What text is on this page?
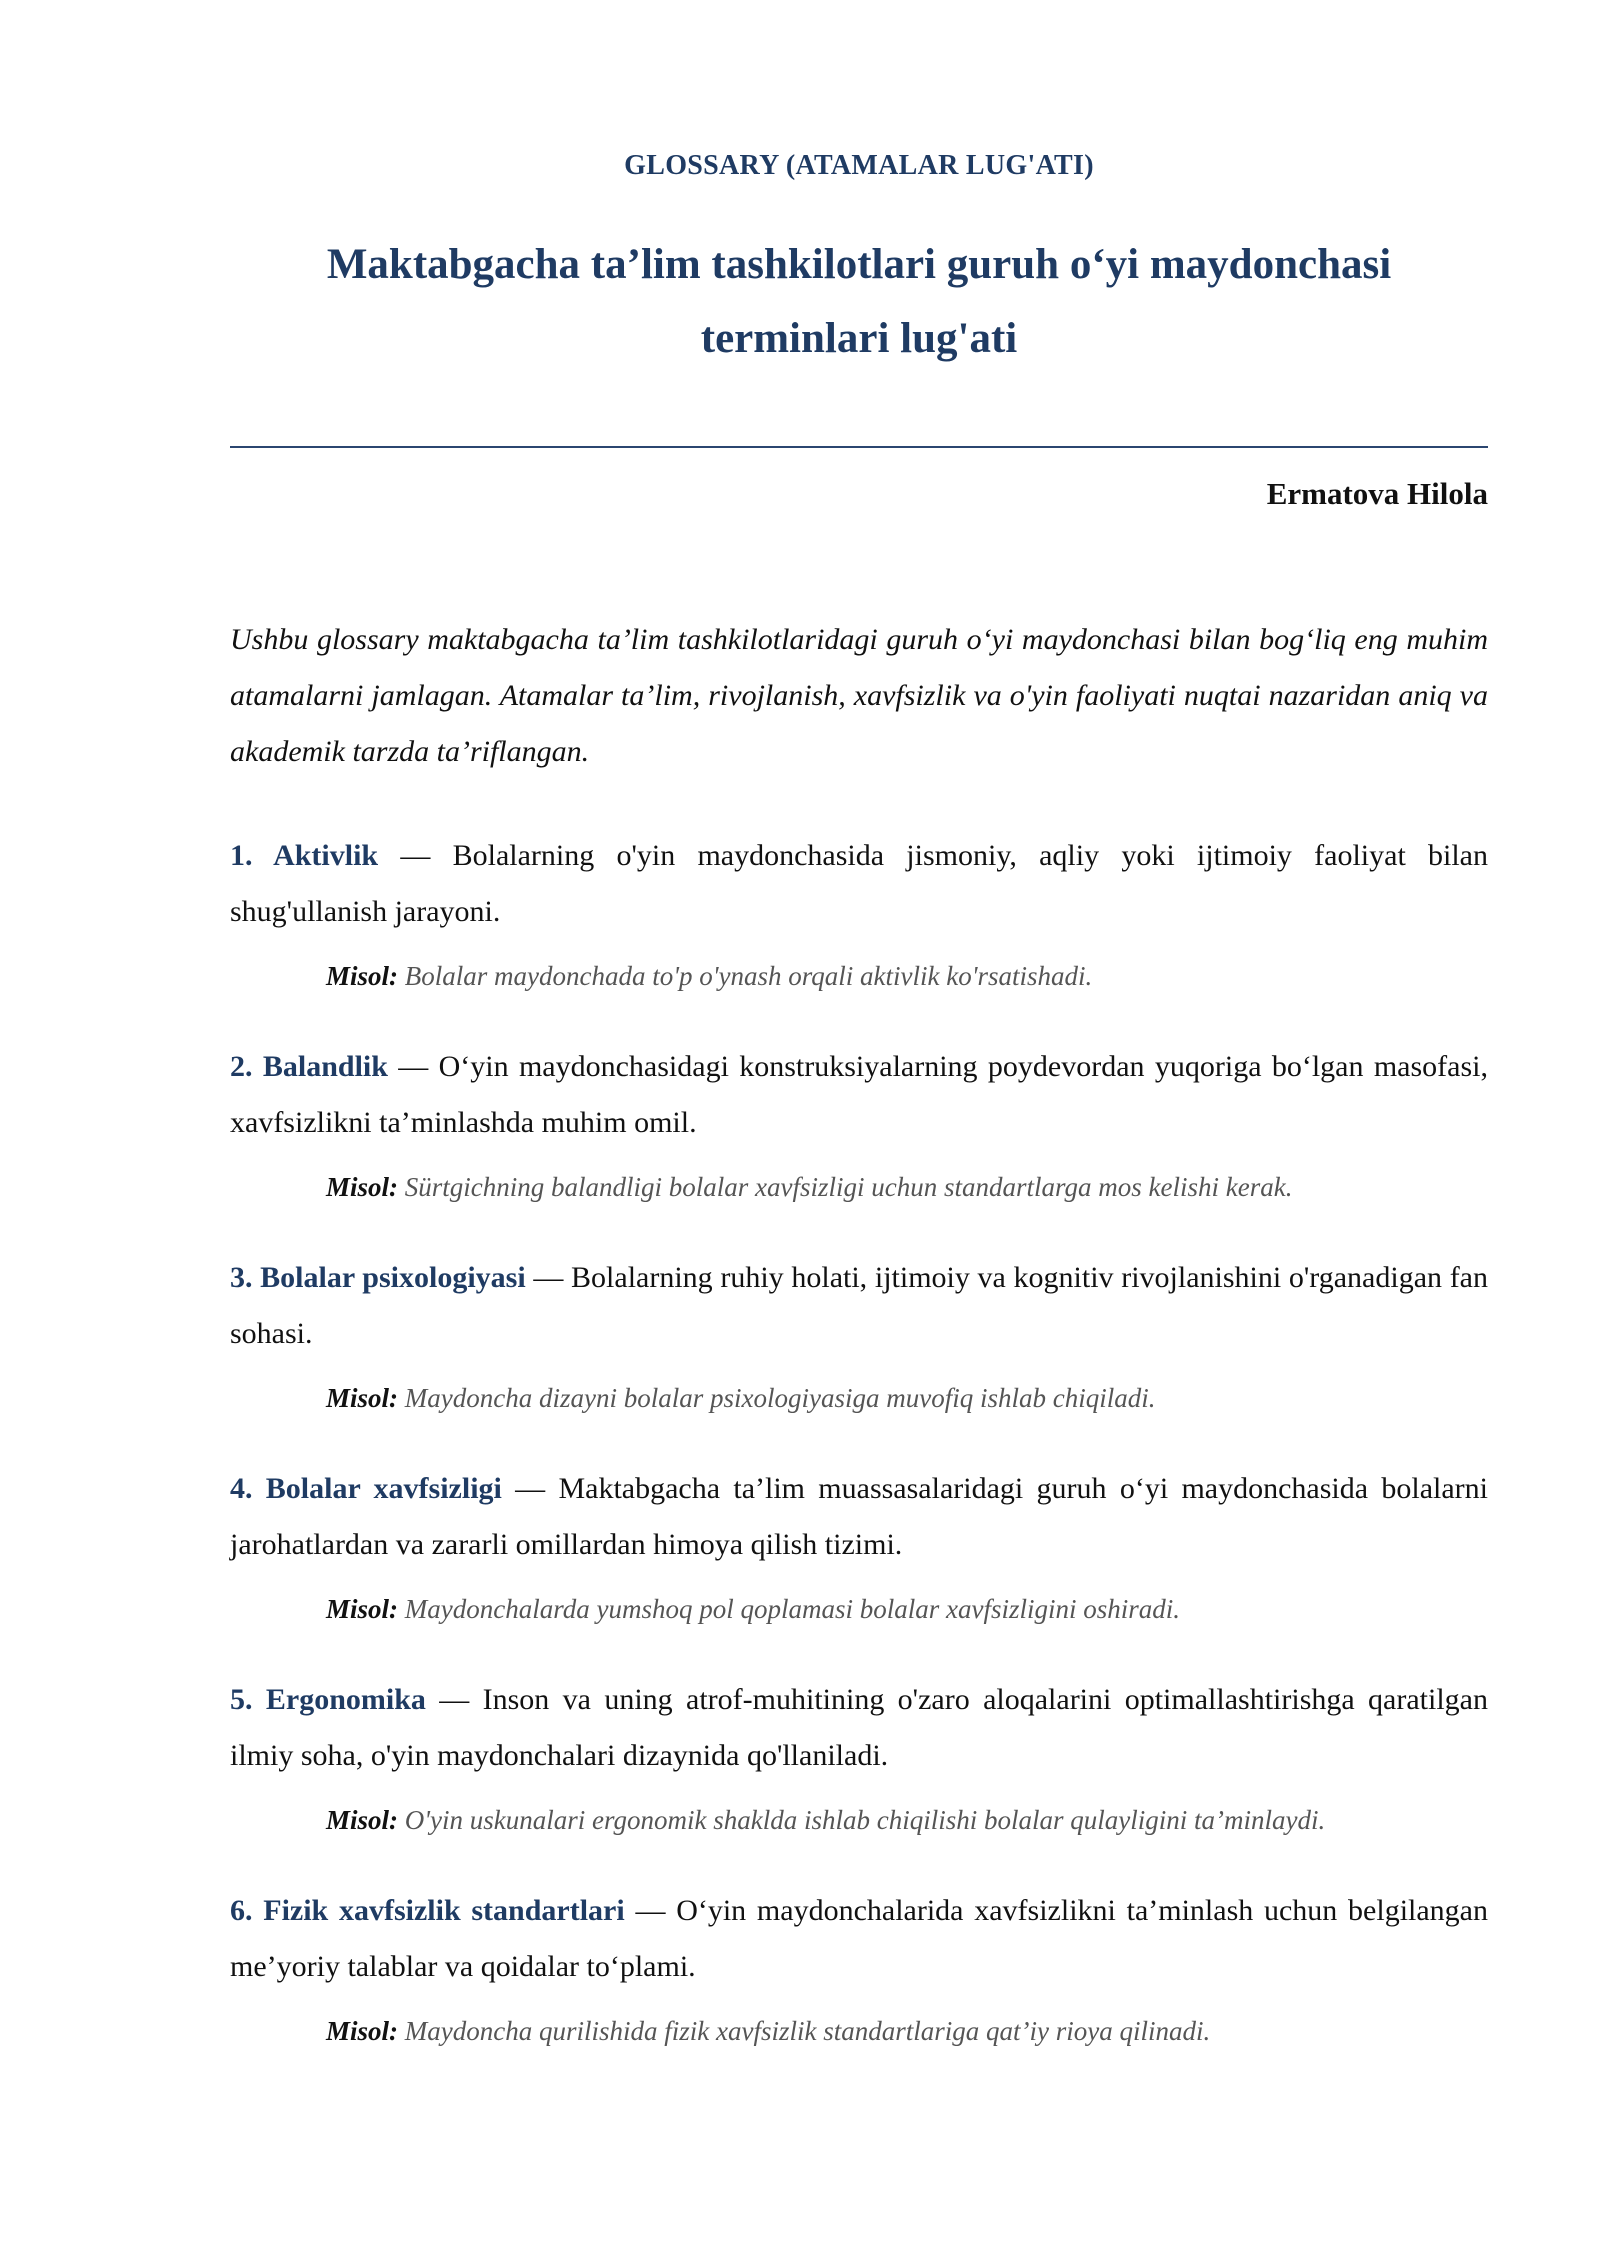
GLOSSARY (ATAMALAR LUG'ATI)
Maktabgacha ta’lim tashkilotlari guruh o‘yi maydonchasi
terminlari lug'ati
Ermatova Hilola

Ushbu glossary maktabgacha ta’lim tashkilotlaridagi guruh o‘yi maydonchasi bilan bog‘liq eng muhim atamalarni jamlagan. Atamalar ta’lim, rivojlanish, xavfsizlik va o'yin faoliyati nuqtai nazaridan aniq va akademik tarzda ta’riflangan.

1. Aktivlik — Bolalarning o'yin maydonchasida jismoniy, aqliy yoki ijtimoiy faoliyat bilan shug'ullanish jarayoni.

Misol: Bolalar maydonchada to'p o'ynash orqali aktivlik ko'rsatishadi.

2. Balandlik — O‘yin maydonchasidagi konstruksiyalarning poydevordan yuqoriga bo‘lgan masofasi, xavfsizlikni ta’minlashda muhim omil.

Misol: Sürtgichning balandligi bolalar xavfsizligi uchun standartlarga mos kelishi kerak.

3. Bolalar psixologiyasi — Bolalarning ruhiy holati, ijtimoiy va kognitiv rivojlanishini o'rganadigan fan sohasi.

Misol: Maydoncha dizayni bolalar psixologiyasiga muvofiq ishlab chiqiladi.

4. Bolalar xavfsizligi — Maktabgacha ta’lim muassasalaridagi guruh o‘yi maydonchasida bolalarni jarohatlardan va zararli omillardan himoya qilish tizimi.

Misol: Maydonchalarda yumshoq pol qoplamasi bolalar xavfsizligini oshiradi.

5. Ergonomika — Inson va uning atrof-muhitining o'zaro aloqalarini optimallashtirishga qaratilgan ilmiy soha, o'yin maydonchalari dizaynida qo'llaniladi.

Misol: O'yin uskunalari ergonomik shaklda ishlab chiqilishi bolalar qulayligini ta’minlaydi.

6. Fizik xavfsizlik standartlari — O‘yin maydonchalarida xavfsizlikni ta’minlash uchun belgilangan me’yoriy talablar va qoidalar to‘plami.

Misol: Maydoncha qurilishida fizik xavfsizlik standartlariga qat’iy rioya qilinadi.
